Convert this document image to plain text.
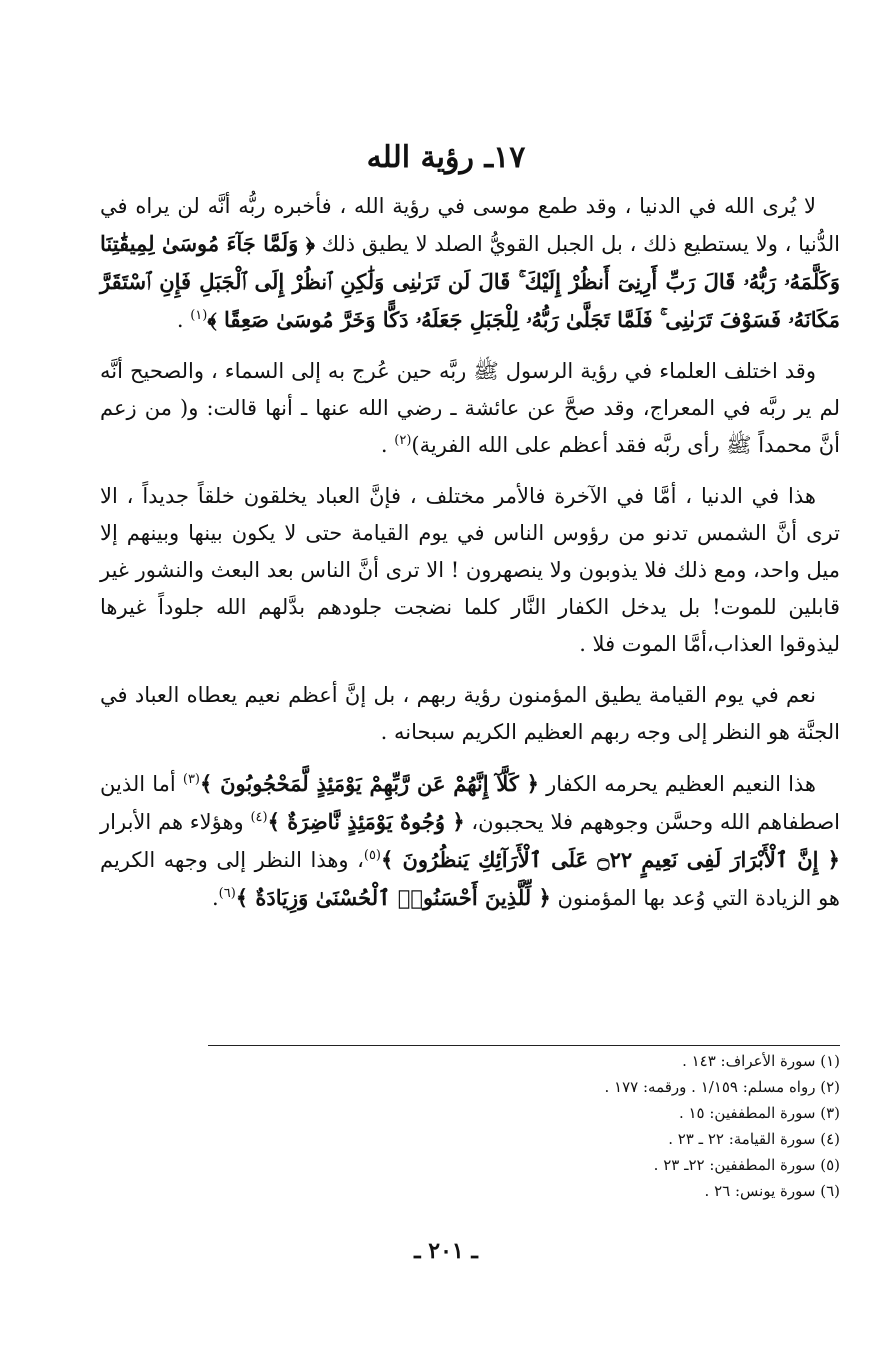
١٧ـ رؤية الله

لا يُرى الله في الدنيا ، وقد طمع موسى في رؤية الله ، فأخبره ربُّه أنَّه لن يراه في الدُّنيا ، ولا يستطيع ذلك ، بل الجبل القويُّ الصلد لا يطيق ذلك ﴿ وَلَمَّا جَآءَ مُوسَىٰ لِمِيقَٰتِنَا وَكَلَّمَهُۥ رَبُّهُۥ قَالَ رَبِّ أَرِنِىٓ أَنظُرْ إِلَيْكَ ۚ قَالَ لَن تَرَىٰنِى وَلَٰكِنِ ٱنظُرْ إِلَى ٱلْجَبَلِ فَإِنِ ٱسْتَقَرَّ مَكَانَهُۥ فَسَوْفَ تَرَىٰنِى ۚ فَلَمَّا تَجَلَّىٰ رَبُّهُۥ لِلْجَبَلِ جَعَلَهُۥ دَكًّا وَخَرَّ مُوسَىٰ صَعِقًا ﴾$^{(١)}$ .

وقد اختلف العلماء في رؤية الرسول ﷺ ربَّه حين عُرج به إلى السماء ، والصحيح أنَّه لم ير ربَّه في المعراج، وقد صحَّ عن عائشة ـ رضي الله عنها ـ أنها قالت: و( من زعم أنَّ محمداً ﷺ رأى ربَّه فقد أعظم على الله الفرية)$^{(٢)}$ .

هذا في الدنيا ، أمَّا في الآخرة فالأمر مختلف ، فإنَّ العباد يخلقون خلقاً جديداً ، الا ترى أنَّ الشمس تدنو من رؤوس الناس في يوم القيامة حتى لا يكون بينها وبينهم إلا ميل واحد، ومع ذلك فلا يذوبون ولا ينصهرون ! الا ترى أنَّ الناس بعد البعث والنشور غير قابلين للموت! بل يدخل الكفار النَّار كلما نضجت جلودهم بدَّلهم الله جلوداً غيرها ليذوقوا العذاب،أمَّا الموت فلا .

نعم في يوم القيامة يطيق المؤمنون رؤية ربهم ، بل إنَّ أعظم نعيم يعطاه العباد في الجنَّة هو النظر إلى وجه ربهم العظيم الكريم سبحانه .

هذا النعيم العظيم يحرمه الكفار ﴿ كَلَّآ إِنَّهُمْ عَن رَّبِّهِمْ يَوْمَئِذٍ لَّمَحْجُوبُونَ ﴾$^{(٣)}$ أما الذين اصطفاهم الله وحسَّن وجوههم فلا يحجبون، ﴿ وُجُوهٌ يَوْمَئِذٍ نَّاضِرَةٌ ﴾$^{(٤)}$ وهؤلاء هم الأبرار ﴿ إِنَّ ٱلْأَبْرَارَ لَفِى نَعِيمٍ ۝٢٢ عَلَى ٱلْأَرَآئِكِ يَنظُرُونَ ﴾$^{(٥)}$، وهذا النظر إلى وجهه الكريم هو الزيادة التي وُعد بها المؤمنون ﴿ لِّلَّذِينَ أَحْسَنُوا۟ ٱلْحُسْنَىٰ وَزِيَادَةٌ ﴾$^{(٦)}$.

(١) سورة الأعراف: ١٤٣ .
(٢) رواه مسلم: ١/١٥٩ . ورقمه: ١٧٧ .
(٣) سورة المطففين: ١٥ .
(٤) سورة القيامة: ٢٢ ـ ٢٣ .
(٥) سورة المطففين: ٢٢ـ ٢٣ .
(٦) سورة يونس: ٢٦ .
ـ ٢٠١ ـ
